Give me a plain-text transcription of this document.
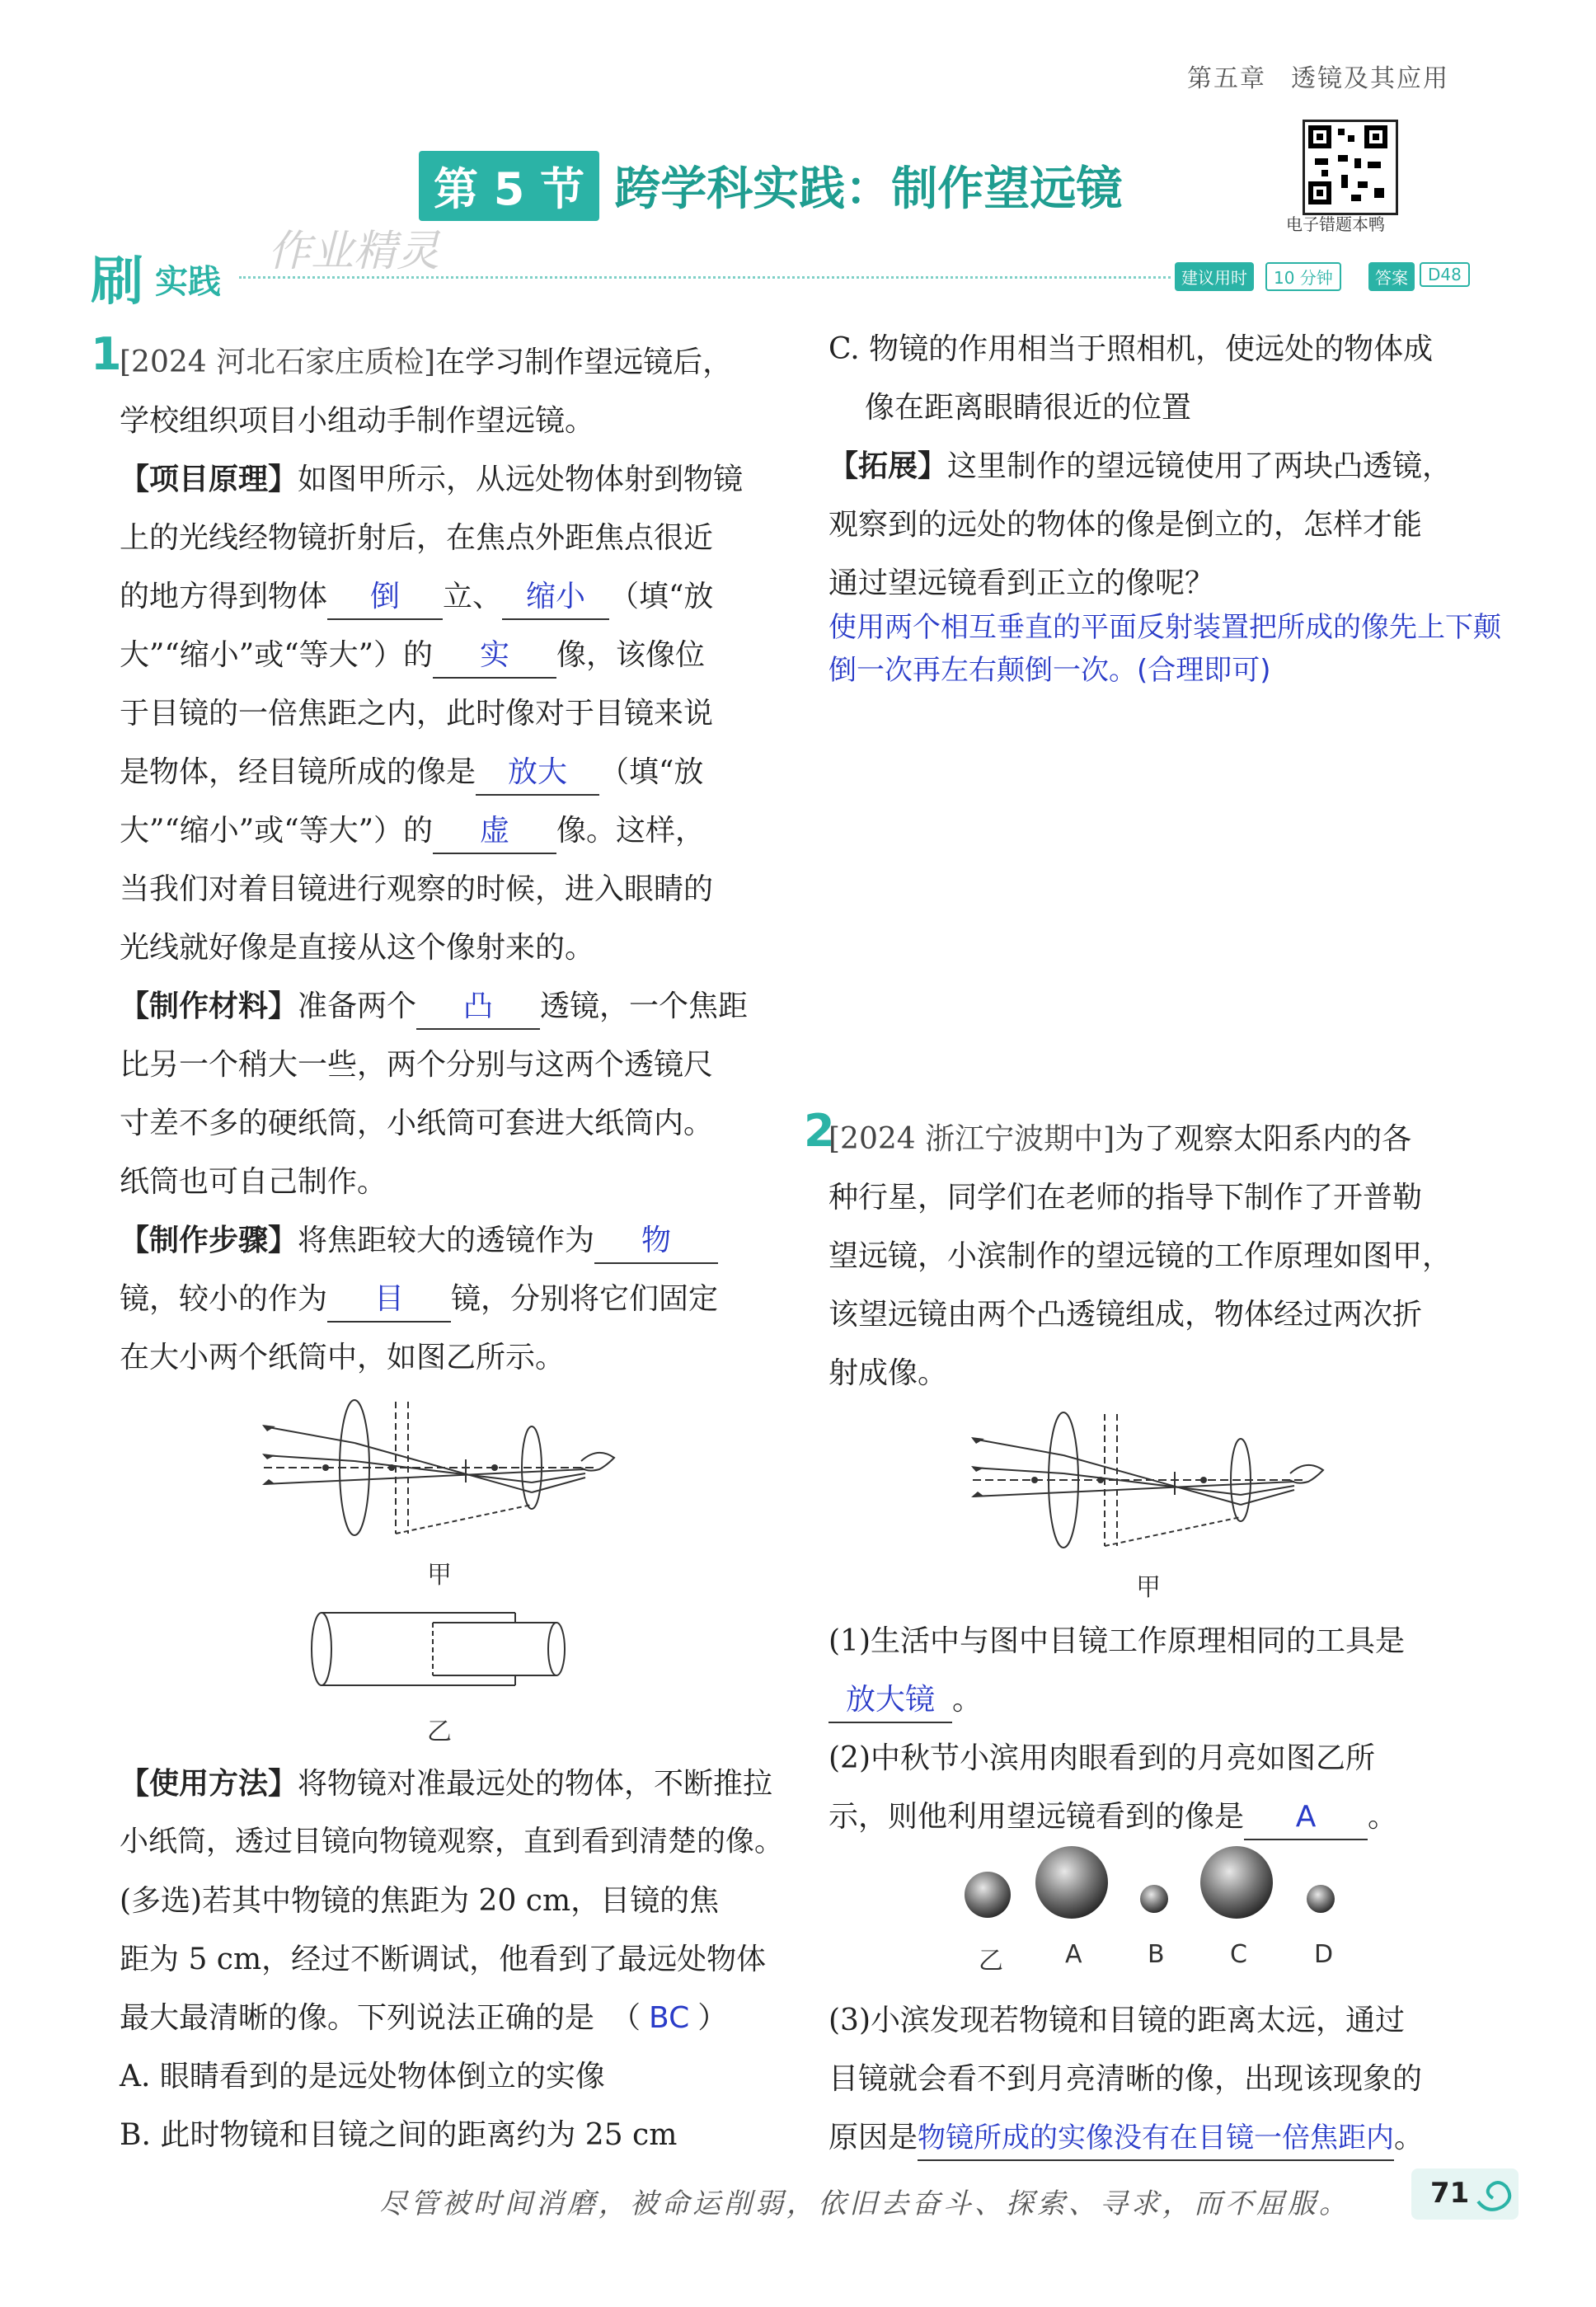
第五章 透镜及其应用
第 5 节 跨学科实践：制作望远镜
电子错题本鸭
刷 实践
作业精灵
建议用时	10 分钟	答案	D48
1
[2024 河北石家庄质检]在学习制作望远镜后，
学校组织项目小组动手制作望远镜。
【项目原理】如图甲所示，从远处物体射到物镜
上的光线经物镜折射后，在焦点外距焦点很近
的地方得到物体 倒 立、 缩小 （填“放
大”“缩小”或“等大”）的 实 像，该像位
于目镜的一倍焦距之内，此时像对于目镜来说
是物体，经目镜所成的像是 放大 （填“放
大”“缩小”或“等大”）的 虚 像。这样，
当我们对着目镜进行观察的时候，进入眼睛的
光线就好像是直接从这个像射来的。
【制作材料】准备两个 凸 透镜，一个焦距
比另一个稍大一些，两个分别与这两个透镜尺
寸差不多的硬纸筒，小纸筒可套进大纸筒内。
纸筒也可自己制作。
【制作步骤】将焦距较大的透镜作为 物
镜，较小的作为 目 镜，分别将它们固定
在大小两个纸筒中，如图乙所示。
甲
乙
【使用方法】将物镜对准最远处的物体，不断推拉
小纸筒，透过目镜向物镜观察，直到看到清楚的像。
(多选)若其中物镜的焦距为 20 cm，目镜的焦
距为 5 cm，经过不断调试，他看到了最远处物体
最大最清晰的像。下列说法正确的是 （ BC ）
A. 眼睛看到的是远处物体倒立的实像
B. 此时物镜和目镜之间的距离约为 25 cm
C. 物镜的作用相当于照相机，使远处的物体成
像在距离眼睛很近的位置
【拓展】这里制作的望远镜使用了两块凸透镜，
观察到的远处的物体的像是倒立的，怎样才能
通过望远镜看到正立的像呢？
使用两个相互垂直的平面反射装置把所成的像先上下颠倒一次再左右颠倒一次。(合理即可)
2
[2024 浙江宁波期中]为了观察太阳系内的各
种行星，同学们在老师的指导下制作了开普勒
望远镜，小滨制作的望远镜的工作原理如图甲，
该望远镜由两个凸透镜组成，物体经过两次折
射成像。
甲
(1)生活中与图中目镜工作原理相同的工具是
放大镜 。
(2)中秋节小滨用肉眼看到的月亮如图乙所
示，则他利用望远镜看到的像是 A 。
乙	A	B	C	D
(3)小滨发现若物镜和目镜的距离太远，通过
目镜就会看不到月亮清晰的像，出现该现象的
原因是物镜所成的实像没有在目镜一倍焦距内。
尽管被时间消磨，被命运削弱，依旧去奋斗、探索、寻求，而不屈服。	71
